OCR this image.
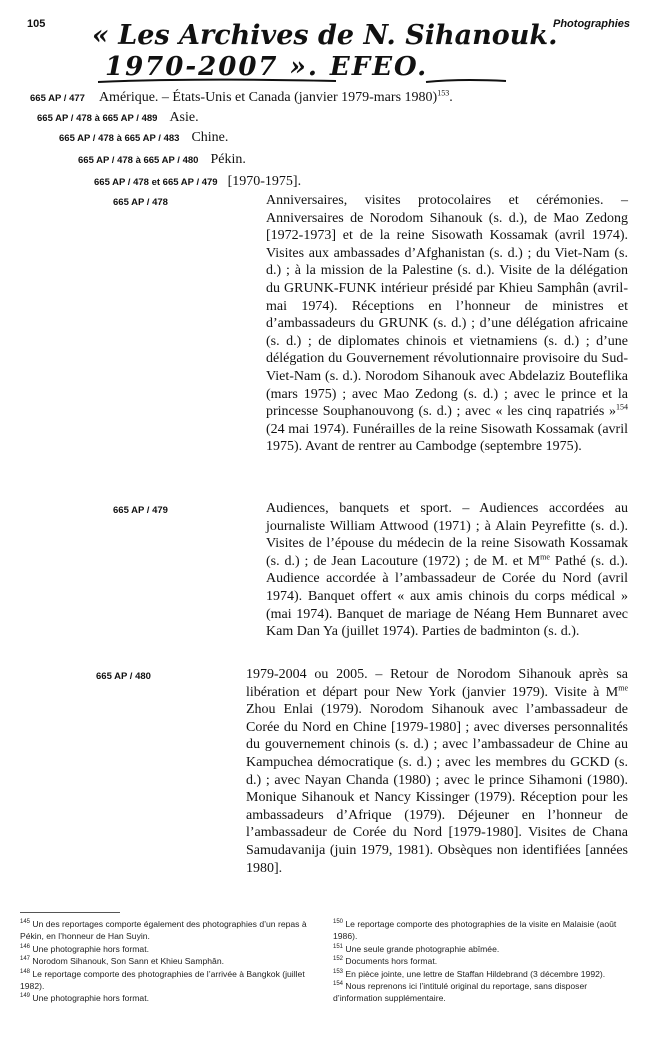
105	Photographies
« Les Archives de N. Sihanouk.
1970-2007 ». EFEO.
665 AP / 477 Amérique. – États-Unis et Canada (janvier 1979-mars 1980)$^{153}$.
665 AP / 478 à 665 AP / 489 Asie.
665 AP / 478 à 665 AP / 483 Chine.
665 AP / 478 à 665 AP / 480 Pékin.
665 AP / 478 et 665 AP / 479 [1970-1975].
665 AP / 478	Anniversaires, visites protocolaires et cérémonies. – Anniversaires de Norodom Sihanouk (s. d.), de Mao Zedong [1972-1973] et de la reine Sisowath Kossamak (avril 1974). Visites aux ambassades d’Afghanistan (s. d.) ; du Viet-Nam (s. d.) ; à la mission de la Palestine (s. d.). Visite de la délégation du GRUNK-FUNK intérieur présidé par Khieu Samphân (avril-mai 1974). Réceptions en l’honneur de ministres et d’ambassadeurs du GRUNK (s. d.) ; d’une délégation africaine (s. d.) ; de diplomates chinois et vietnamiens (s. d.) ; d’une délégation du Gouvernement révolutionnaire provisoire du Sud-Viet-Nam (s. d.). Norodom Sihanouk avec Abdelaziz Bouteflika (mars 1975) ; avec Mao Zedong (s. d.) ; avec le prince et la princesse Souphanouvong (s. d.) ; avec « les cinq rapatriés »$^{154}$ (24 mai 1974). Funérailles de la reine Sisowath Kossamak (avril 1975). Avant de rentrer au Cambodge (septembre 1975).
665 AP / 479	Audiences, banquets et sport. – Audiences accordées au journaliste William Attwood (1971) ; à Alain Peyrefitte (s. d.). Visites de l’épouse du médecin de la reine Sisowath Kossamak (s. d.) ; de Jean Lacouture (1972) ; de M. et $M^{me}$ Pathé (s. d.). Audience accordée à l’ambassadeur de Corée du Nord (avril 1974). Banquet offert « aux amis chinois du corps médical » (mai 1974). Banquet de mariage de Néang Hem Bunnaret avec Kam Dan Ya (juillet 1974). Parties de badminton (s. d.).
665 AP / 480	1979-2004 ou 2005. – Retour de Norodom Sihanouk après sa libération et départ pour New York (janvier 1979). Visite à $M^{me}$ Zhou Enlai (1979). Norodom Sihanouk avec l’ambassadeur de Corée du Nord en Chine [1979-1980] ; avec diverses personnalités du gouvernement chinois (s. d.) ; avec l’ambassadeur de Chine au Kampuchea démocratique (s. d.) ; avec les membres du GCKD (s. d.) ; avec Nayan Chanda (1980) ; avec le prince Sihamoni (1980). Monique Sihanouk et Nancy Kissinger (1979). Réception pour les ambassadeurs d’Afrique (1979). Déjeuner en l’honneur de l’ambassadeur de Corée du Nord [1979-1980]. Visites de Chana Samudavanija (juin 1979, 1981). Obsèques non identifiées [années 1980].
$^{145}$ Un des reportages comporte également des photographies d’un repas à Pékin, en l’honneur de Han Suyin.
$^{146}$ Une photographie hors format.
$^{147}$ Norodom Sihanouk, Son Sann et Khieu Samphân.
$^{148}$ Le reportage comporte des photographies de l’arrivée à Bangkok (juillet 1982).
$^{149}$ Une photographie hors format.
$^{150}$ Le reportage comporte des photographies de la visite en Malaisie (août 1986).
$^{151}$ Une seule grande photographie abîmée.
$^{152}$ Documents hors format.
$^{153}$ En pièce jointe, une lettre de Staffan Hildebrand (3 décembre 1992).
$^{154}$ Nous reprenons ici l’intitulé original du reportage, sans disposer d’information supplémentaire.
